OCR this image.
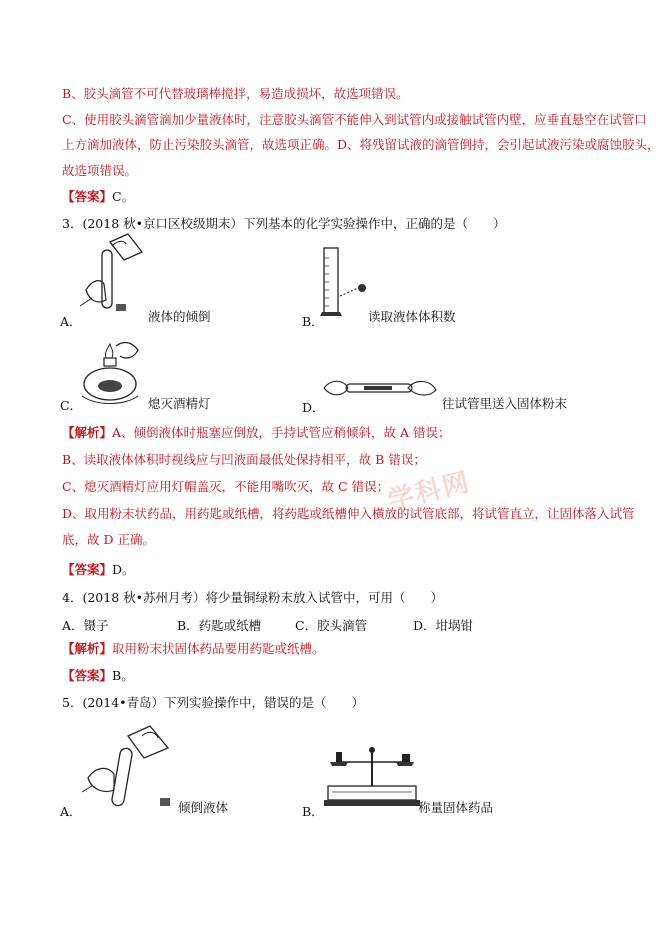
B、胶头滴管不可代替玻璃棒搅拌，易造成损坏，故选项错误。
C、使用胶头滴管滴加少量液体时，注意胶头滴管不能伸入到试管内或接触试管内壁，应垂直悬空在试管口
上方滴加液体，防止污染胶头滴管，故选项正确。D、将残留试液的滴管倒持，会引起试液污染或腐蚀胶头，
故选项错误。
【答案】C。
3．(2018 秋•京口区校级期末）下列基本的化学实验操作中，正确的是（　　）
A．	液体的倾倒	B．	读取液体体积数
C．	熄灭酒精灯	D．	往试管里送入固体粉末
学科网
【解析】A、倾倒液体时瓶塞应倒放，手持试管应稍倾斜，故 A 错误；
B、读取液体体积时视线应与凹液面最低处保持相平，故 B 错误；
C、熄灭酒精灯应用灯帽盖灭，不能用嘴吹灭，故 C 错误；
D、取用粉末状药品，用药匙或纸槽，将药匙或纸槽伸入横放的试管底部，将试管直立，让固体落入试管
底，故 D 正确。
【答案】D。
4．(2018 秋•苏州月考）将少量铜绿粉末放入试管中，可用（　　）
A．镊子	B．药匙或纸槽	C．胶头滴管	D．坩埚钳
【解析】取用粉末状固体药品要用药匙或纸槽。
【答案】B。
5．(2014•青岛）下列实验操作中，错误的是（　　）
A．	倾倒液体	B．	称量固体药品
